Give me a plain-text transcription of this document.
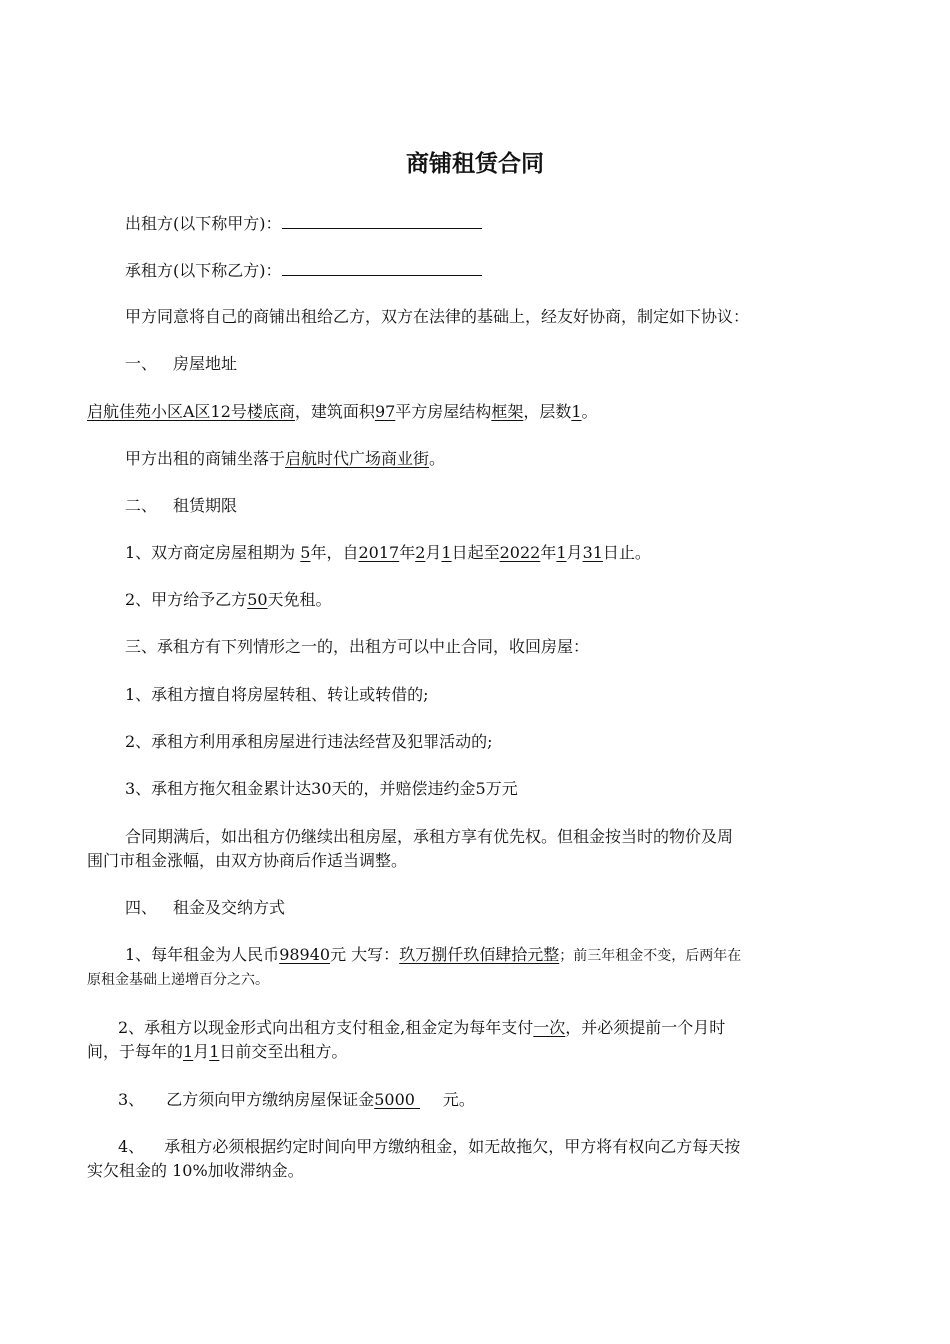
商铺租赁合同
出租方(以下称甲方)：
承租方(以下称乙方)：
甲方同意将自己的商铺出租给乙方，双方在法律的基础上，经友好协商，制定如下协议：
一、 房屋地址
启航佳苑小区A区12号楼底商，建筑面积97平方房屋结构框架，层数1。
甲方出租的商铺坐落于启航时代广场商业街。
二、 租赁期限
1、双方商定房屋租期为 5年，自2017年2月1日起至2022年1月31日止。
2、甲方给予乙方50天免租。
三、承租方有下列情形之一的，出租方可以中止合同，收回房屋：
1、承租方擅自将房屋转租、转让或转借的;
2、承租方利用承租房屋进行违法经营及犯罪活动的;
3、承租方拖欠租金累计达30天的，并赔偿违约金5万元
合同期满后，如出租方仍继续出租房屋，承租方享有优先权。但租金按当时的物价及周
围门市租金涨幅，由双方协商后作适当调整。
四、 租金及交纳方式
1、每年租金为人民币98940元 大写：玖万捌仟玖佰肆拾元整；前三年租金不变，后两年在
原租金基础上递增百分之六。
2、承租方以现金形式向出租方支付租金,租金定为每年支付一次，并必须提前一个月时
间，于每年的1月1日前交至出租方。
3、 乙方须向甲方缴纳房屋保证金5000 元。
4、 承租方必须根据约定时间向甲方缴纳租金，如无故拖欠，甲方将有权向乙方每天按
实欠租金的 10%加收滞纳金。
